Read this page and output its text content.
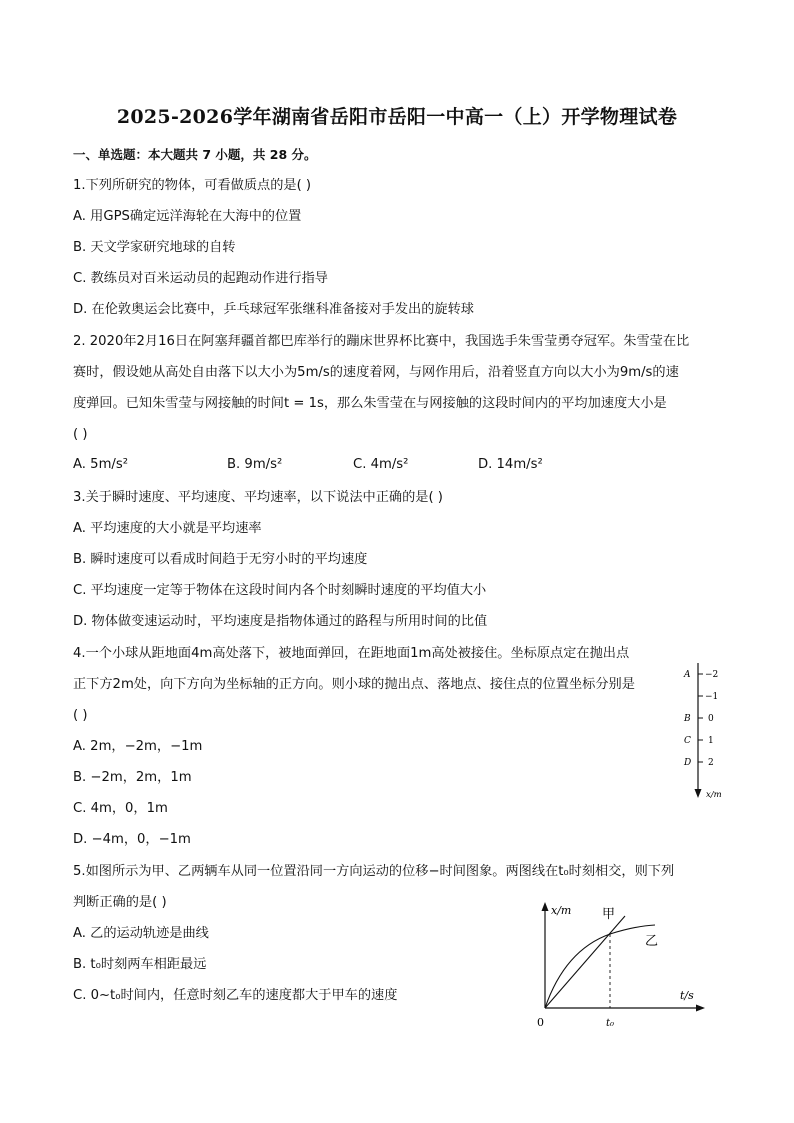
2025-2026学年湖南省岳阳市岳阳一中高一（上）开学物理试卷
一、单选题：本大题共 7 小题，共 28 分。
1.下列所研究的物体，可看做质点的是( )
A. 用GPS确定远洋海轮在大海中的位置
B. 天文学家研究地球的自转
C. 教练员对百米运动员的起跑动作进行指导
D. 在伦敦奥运会比赛中，乒乓球冠军张继科准备接对手发出的旋转球
2. 2020年2月16日在阿塞拜疆首都巴库举行的蹦床世界杯比赛中，我国选手朱雪莹勇夺冠军。朱雪莹在比
赛时，假设她从高处自由落下以大小为5m/s的速度着网，与网作用后，沿着竖直方向以大小为9m/s的速
度弹回。已知朱雪莹与网接触的时间t = 1s，那么朱雪莹在与网接触的这段时间内的平均加速度大小是
( )
A. 5m/s²	B. 9m/s²	C. 4m/s²	D. 14m/s²
3.关于瞬时速度、平均速度、平均速率，以下说法中正确的是( )
A. 平均速度的大小就是平均速率
B. 瞬时速度可以看成时间趋于无穷小时的平均速度
C. 平均速度一定等于物体在这段时间内各个时刻瞬时速度的平均值大小
D. 物体做变速运动时，平均速度是指物体通过的路程与所用时间的比值
4.一个小球从距地面4m高处落下，被地面弹回，在距地面1m高处被接住。坐标原点定在抛出点
正下方2m处，向下方向为坐标轴的正方向。则小球的抛出点、落地点、接住点的位置坐标分别是
( )
A. 2m，−2m，−1m
B. −2m，2m，1m
C. 4m，0，1m
D. −4m，0，−1m
A
B
C
D
−2
−1
0
1
2
x/m
5.如图所示为甲、乙两辆车从同一位置沿同一方向运动的位移−时间图象。两图线在t₀时刻相交，则下列
判断正确的是( )
A. 乙的运动轨迹是曲线
B. t₀时刻两车相距最远
C. 0~t₀时间内，任意时刻乙车的速度都大于甲车的速度
x/m
t/s
0	t₀
甲
乙
